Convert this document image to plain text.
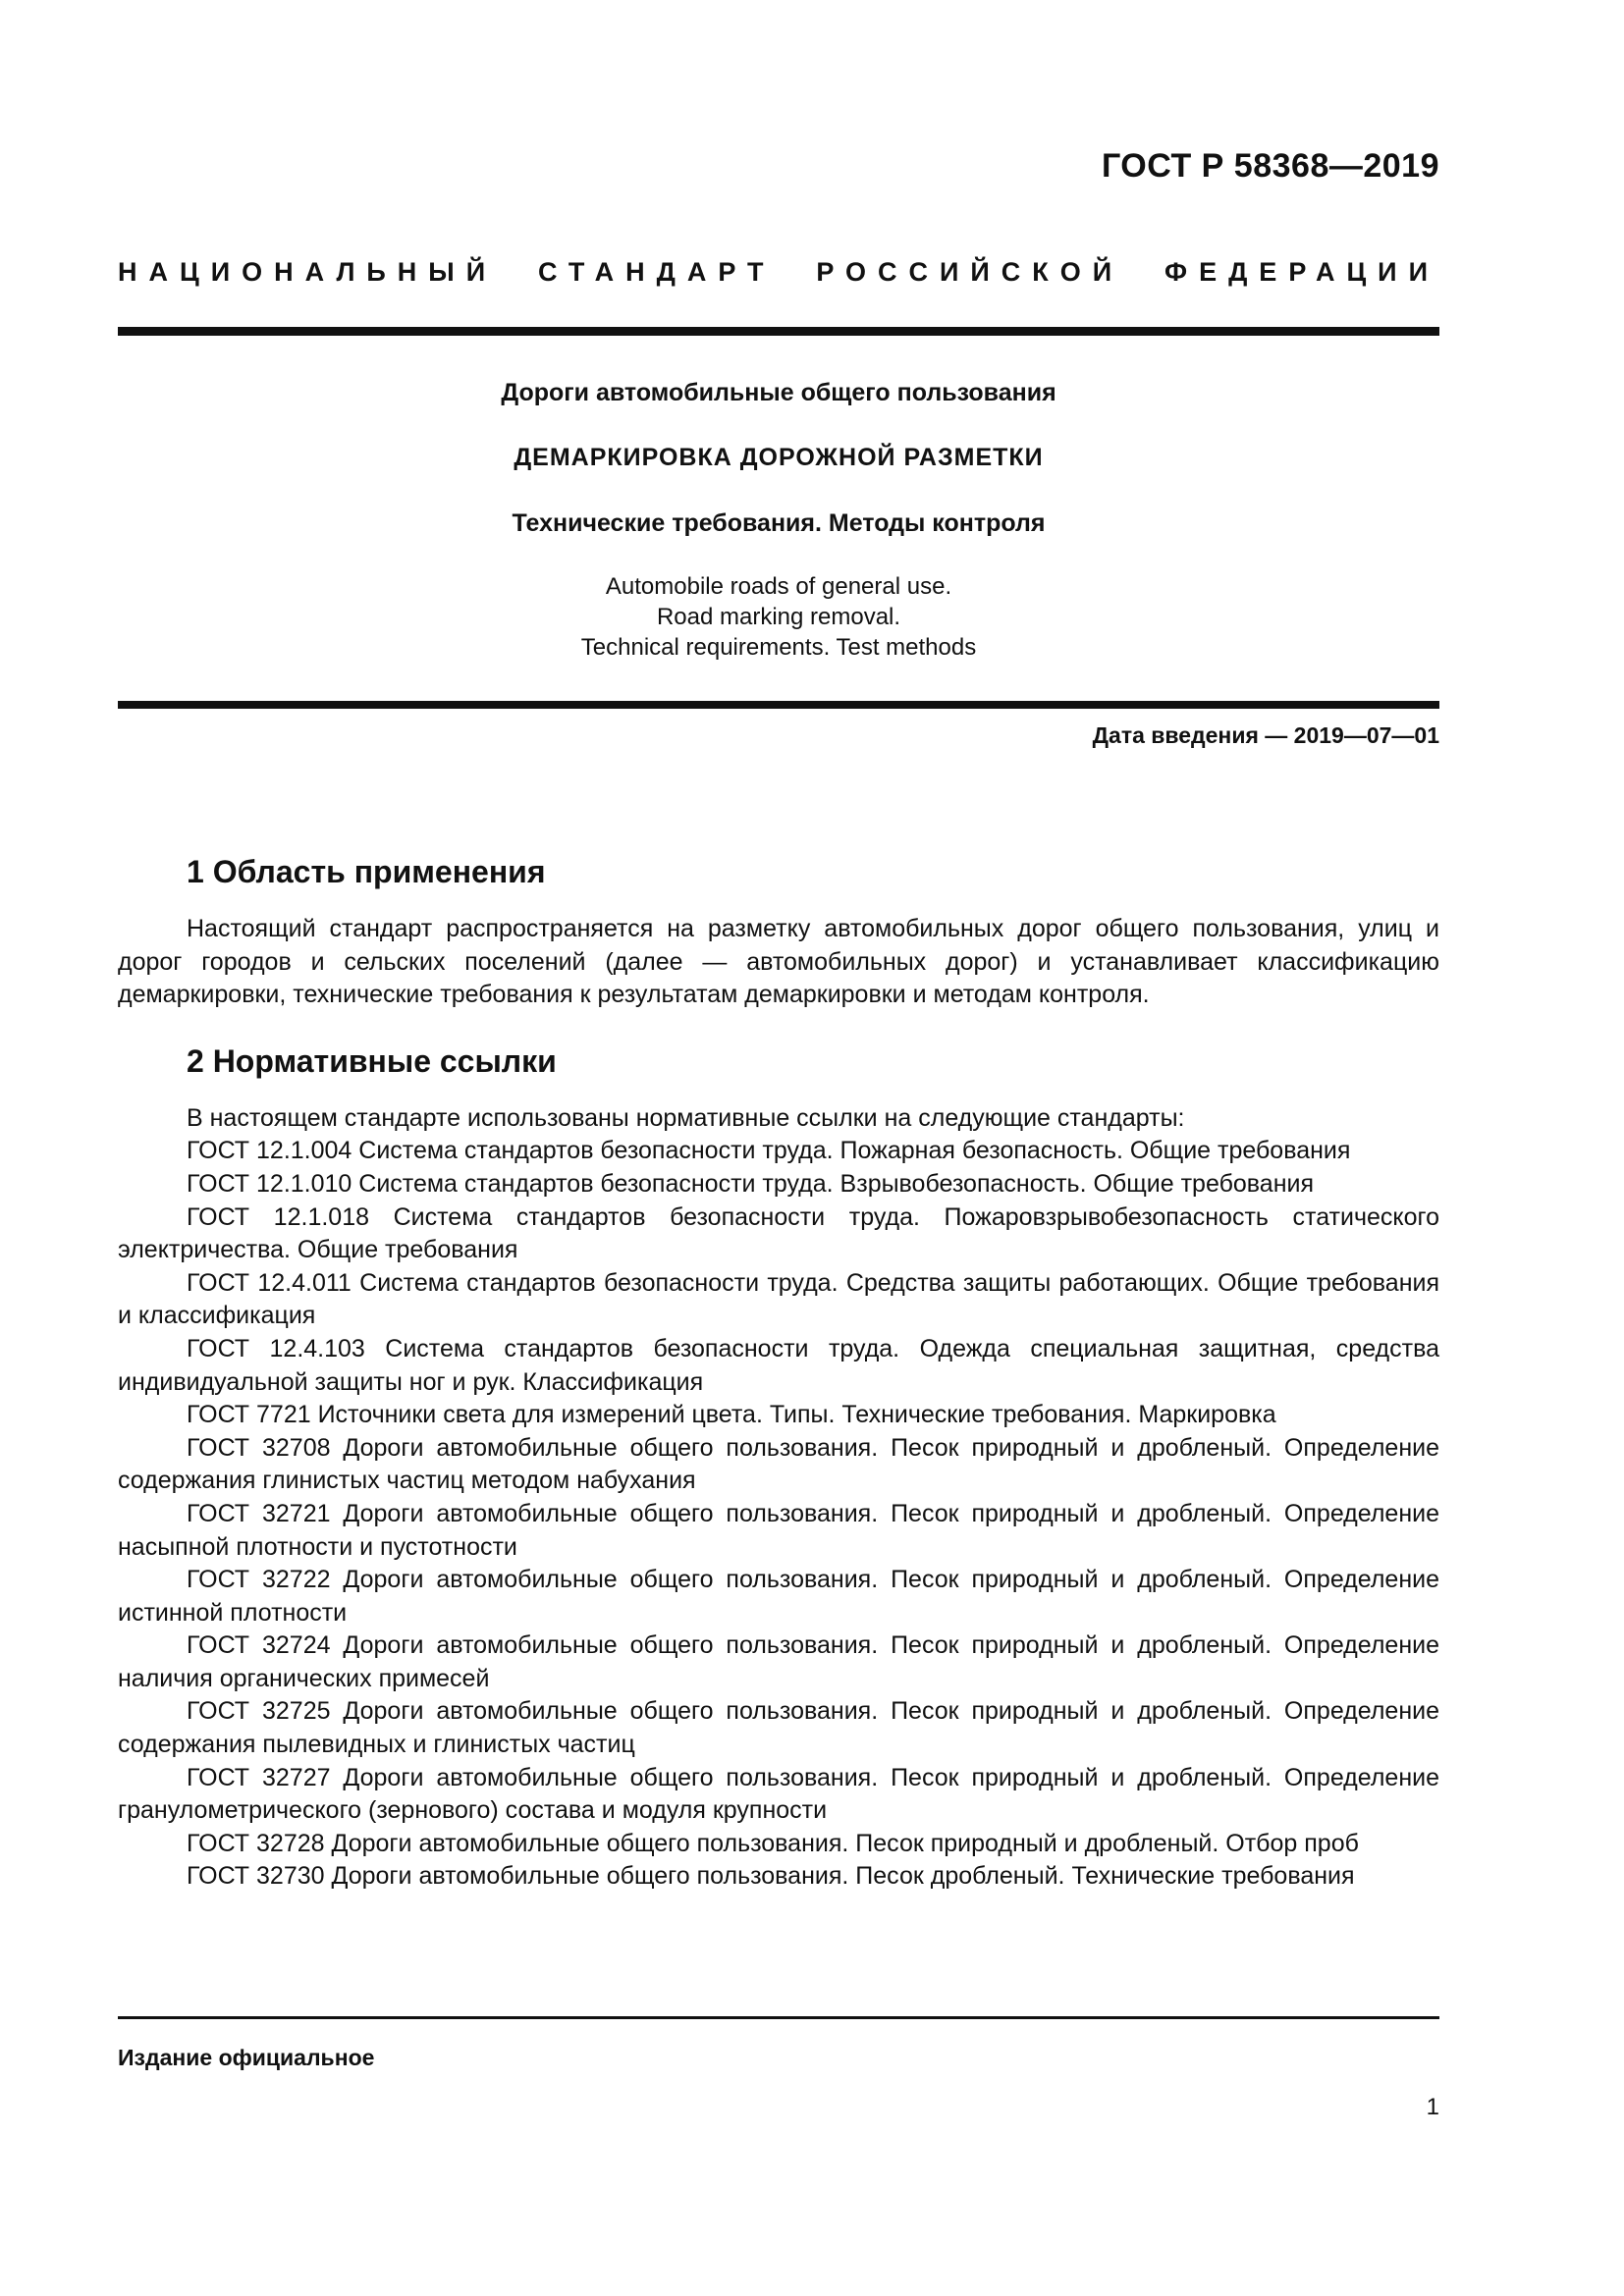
ГОСТ Р 58368—2019
НАЦИОНАЛЬНЫЙ СТАНДАРТ РОССИЙСКОЙ ФЕДЕРАЦИИ
Дороги автомобильные общего пользования
ДЕМАРКИРОВКА ДОРОЖНОЙ РАЗМЕТКИ
Технические требования. Методы контроля
Automobile roads of general use.
Road marking removal.
Technical requirements. Test methods
Дата введения — 2019—07—01
1 Область применения

Настоящий стандарт распространяется на разметку автомобильных дорог общего пользования, улиц и дорог городов и сельских поселений (далее — автомобильных дорог) и устанавливает классификацию демаркировки, технические требования к результатам демаркировки и методам контроля.

2 Нормативные ссылки

В настоящем стандарте использованы нормативные ссылки на следующие стандарты:

ГОСТ 12.1.004 Система стандартов безопасности труда. Пожарная безопасность. Общие требования

ГОСТ 12.1.010 Система стандартов безопасности труда. Взрывобезопасность. Общие требования

ГОСТ 12.1.018 Система стандартов безопасности труда. Пожаровзрывобезопасность статического электричества. Общие требования

ГОСТ 12.4.011 Система стандартов безопасности труда. Средства защиты работающих. Общие требования и классификация

ГОСТ 12.4.103 Система стандартов безопасности труда. Одежда специальная защитная, средства индивидуальной защиты ног и рук. Классификация

ГОСТ 7721 Источники света для измерений цвета. Типы. Технические требования. Маркировка

ГОСТ 32708 Дороги автомобильные общего пользования. Песок природный и дробленый. Определение содержания глинистых частиц методом набухания

ГОСТ 32721 Дороги автомобильные общего пользования. Песок природный и дробленый. Определение насыпной плотности и пустотности

ГОСТ 32722 Дороги автомобильные общего пользования. Песок природный и дробленый. Определение истинной плотности

ГОСТ 32724 Дороги автомобильные общего пользования. Песок природный и дробленый. Определение наличия органических примесей

ГОСТ 32725 Дороги автомобильные общего пользования. Песок природный и дробленый. Определение содержания пылевидных и глинистых частиц

ГОСТ 32727 Дороги автомобильные общего пользования. Песок природный и дробленый. Определение гранулометрического (зернового) состава и модуля крупности

ГОСТ 32728 Дороги автомобильные общего пользования. Песок природный и дробленый. Отбор проб

ГОСТ 32730 Дороги автомобильные общего пользования. Песок дробленый. Технические требования

Издание официальное
1
